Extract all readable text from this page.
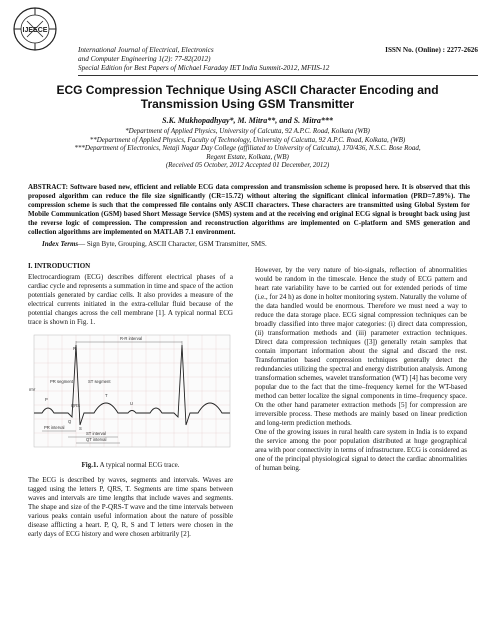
IJEECE
International Journal of Electrical, Electronics	ISSN No. (Online) : 2277-2626
and Computer Engineering 1(2): 77-82(2012)
Special Edition for Best Papers of Michael Faraday IET India Summit-2012, MFIIS-12
ECG Compression Technique Using ASCII Character Encoding and Transmission Using GSM Transmitter
S.K. Mukhopadhyay*, M. Mitra**, and S. Mitra***
*Department of Applied Physics, University of Calcutta, 92 A.P.C. Road, Kolkata (WB)
**Department of Applied Physics, Faculty of Technology, University of Calcutta, 92 A.P.C. Road, Kolkata, (WB)
***Department of Electronics, Netaji Nagar Day College (affiliated to University of Calcutta), 170/436, N.S.C. Bose Road,
Regent Estate, Kolkata, (WB)
(Received 05 October, 2012 Accepted 01 December, 2012)
ABSTRACT: Software based new, efficient and reliable ECG data compression and transmission scheme is proposed here. It is observed that this proposed algorithm can reduce the file size significantly (CR=15.72) without altering the significant clinical information (PRD=7.89%). The compression scheme is such that the compressed file contains only ASCII characters. These characters are transmitted using Global System for Mobile Communication (GSM) based Short Message Service (SMS) system and at the receiving end original ECG signal is brought back using just the reverse logic of compression. The compression and reconstruction algorithms are implemented on C-platform and SMS generation and collection algorithms are implemented on MATLAB 7.1 environment.
Index Terms— Sign Byte, Grouping, ASCII Character, GSM Transmitter, SMS.
I. INTRODUCTION

Electrocardiogram (ECG) describes different electrical phases of a cardiac cycle and represents a summation in time and space of the action potentials generated by cardiac cells. It also provides a measure of the electrical currents initiated in the extra-cellular fluid because of the potential changes across the cell membrane [1]. A typical normal ECG trace is shown in Fig. 1.

R
T
P
U
Q
S
PR segment	ST segment
PR interval
QRS
ST interval
QT interval
R-R interval
mV
Fig.1. A typical normal ECG trace.

The ECG is described by waves, segments and intervals. Waves are tagged using the letters P, QRS, T. Segments are time spans between waves and intervals are time lengths that include waves and segments. The shape and size of the P-QRS-T wave and the time intervals between various peaks contain useful information about the nature of possible disease afflicting a heart. P, Q, R, S and T letters were chosen in the early days of ECG history and were chosen arbitrarily [2].

However, by the very nature of bio-signals, reflection of abnormalities would be random in the timescale. Hence the study of ECG pattern and heart rate variability have to be carried out for extended periods of time (i.e., for 24 h) as done in holter monitoring system. Naturally the volume of the data handled would be enormous. Therefore we must need a way to reduce the data storage place. ECG signal compression techniques can be broadly classified into three major categories: (i) direct data compression, (ii) transformation methods and (iii) parameter extraction techniques. Direct data compression techniques ([3]) generally retain samples that contain important information about the signal and discard the rest. Transformation based compression techniques generally detect the redundancies utilizing the spectral and energy distribution analysis. Among transformation schemes, wavelet transformation (WT) [4] has become very popular due to the fact that the time–frequency kernel for the WT-based method can better localize the signal components in time–frequency space. On the other hand parameter extraction methods [5] for compression are irreversible process. These methods are mainly based on linear prediction and long-term prediction methods.

One of the growing issues in rural health care system in India is to expand the service among the poor population distributed at huge geographical area with poor connectivity in terms of infrastructure. ECG is considered as one of the principal physiological signal to detect the cardiac abnormalities of human being.
